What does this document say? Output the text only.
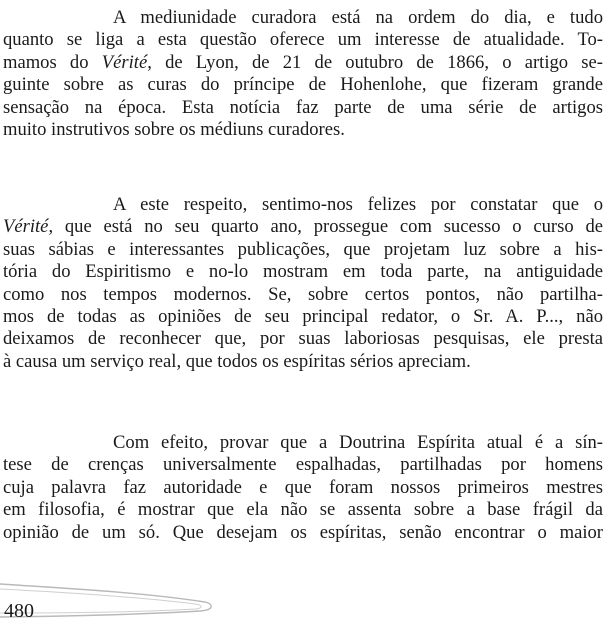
A mediunidade curadora está na ordem do dia, e tudo
quanto se liga a esta questão oferece um interesse de atualidade. To-
mamos do Vérité, de Lyon, de 21 de outubro de 1866, o artigo se-
guinte sobre as curas do príncipe de Hohenlohe, que fizeram grande
sensação na época. Esta notícia faz parte de uma série de artigos
muito instrutivos sobre os médiuns curadores.
A este respeito, sentimo-nos felizes por constatar que o
Vérité, que está no seu quarto ano, prossegue com sucesso o curso de
suas sábias e interessantes publicações, que projetam luz sobre a his-
tória do Espiritismo e no-lo mostram em toda parte, na antiguidade
como nos tempos modernos. Se, sobre certos pontos, não partilha-
mos de todas as opiniões de seu principal redator, o Sr. A. P..., não
deixamos de reconhecer que, por suas laboriosas pesquisas, ele presta
à causa um serviço real, que todos os espíritas sérios apreciam.
Com efeito, provar que a Doutrina Espírita atual é a sín-
tese de crenças universalmente espalhadas, partilhadas por homens
cuja palavra faz autoridade e que foram nossos primeiros mestres
em filosofia, é mostrar que ela não se assenta sobre a base frágil da
opinião de um só. Que desejam os espíritas, senão encontrar o maior
480
